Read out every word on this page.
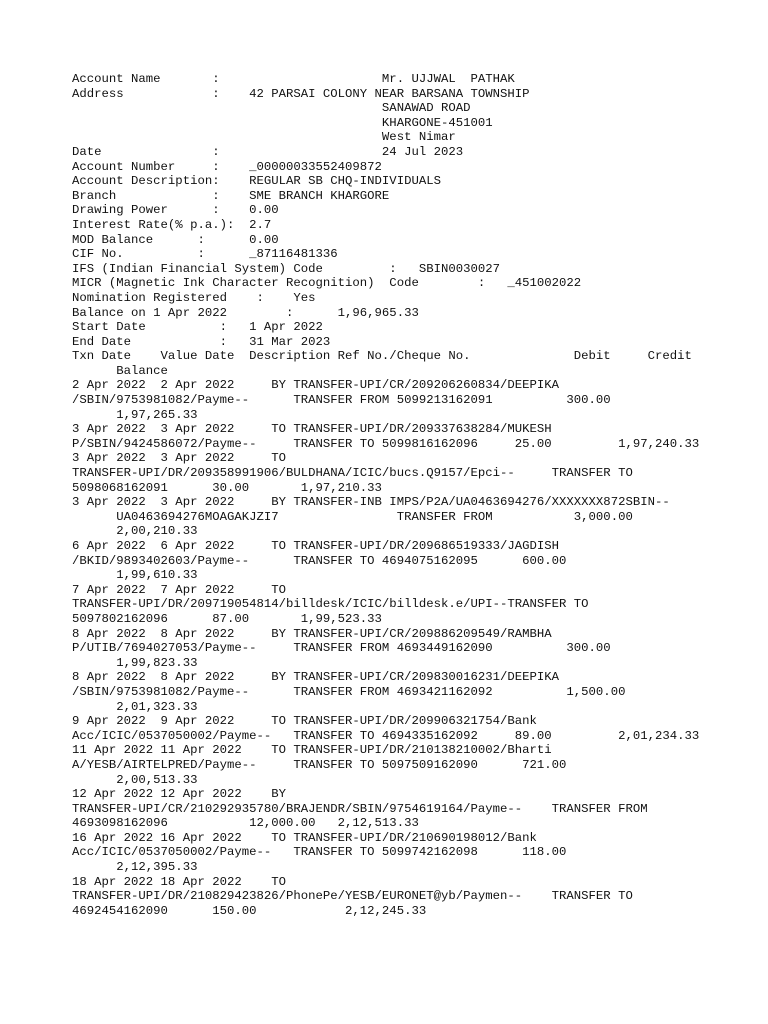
Account Name       :                      Mr. UJJWAL  PATHAK
Address            :    42 PARSAI COLONY NEAR BARSANA TOWNSHIP
SANAWAD ROAD
KHARGONE-451001
West Nimar
Date               :                      24 Jul 2023
Account Number     :    _00000033552409872
Account Description:    REGULAR SB CHQ-INDIVIDUALS
Branch             :    SME BRANCH KHARGORE
Drawing Power      :    0.00
Interest Rate(% p.a.):  2.7
MOD Balance      :      0.00
CIF No.          :      _87116481336
IFS (Indian Financial System) Code         :   SBIN0030027
MICR (Magnetic Ink Character Recognition)  Code        :   _451002022
Nomination Registered    :    Yes
Balance on 1 Apr 2022        :      1,96,965.33
Start Date          :   1 Apr 2022
End Date            :   31 Mar 2023
Txn Date    Value Date  Description Ref No./Cheque No.              Debit     Credit
Balance
2 Apr 2022  2 Apr 2022     BY TRANSFER-UPI/CR/209206260834/DEEPIKA
/SBIN/9753981082/Payme--      TRANSFER FROM 5099213162091          300.00
1,97,265.33
3 Apr 2022  3 Apr 2022     TO TRANSFER-UPI/DR/209337638284/MUKESH
P/SBIN/9424586072/Payme--     TRANSFER TO 5099816162096     25.00         1,97,240.33
3 Apr 2022  3 Apr 2022     TO
TRANSFER-UPI/DR/209358991906/BULDHANA/ICIC/bucs.Q9157/Epci--     TRANSFER TO
5098068162091      30.00       1,97,210.33
3 Apr 2022  3 Apr 2022     BY TRANSFER-INB IMPS/P2A/UA0463694276/XXXXXXX872SBIN--
UA0463694276MOAGAKJZI7                TRANSFER FROM           3,000.00
2,00,210.33
6 Apr 2022  6 Apr 2022     TO TRANSFER-UPI/DR/209686519333/JAGDISH
/BKID/9893402603/Payme--      TRANSFER TO 4694075162095      600.00
1,99,610.33
7 Apr 2022  7 Apr 2022     TO
TRANSFER-UPI/DR/209719054814/billdesk/ICIC/billdesk.e/UPI--TRANSFER TO
5097802162096      87.00       1,99,523.33
8 Apr 2022  8 Apr 2022     BY TRANSFER-UPI/CR/209886209549/RAMBHA
P/UTIB/7694027053/Payme--     TRANSFER FROM 4693449162090          300.00
1,99,823.33
8 Apr 2022  8 Apr 2022     BY TRANSFER-UPI/CR/209830016231/DEEPIKA
/SBIN/9753981082/Payme--      TRANSFER FROM 4693421162092          1,500.00
2,01,323.33
9 Apr 2022  9 Apr 2022     TO TRANSFER-UPI/DR/209906321754/Bank
Acc/ICIC/0537050002/Payme--   TRANSFER TO 4694335162092     89.00         2,01,234.33
11 Apr 2022 11 Apr 2022    TO TRANSFER-UPI/DR/210138210002/Bharti
A/YESB/AIRTELPRED/Payme--     TRANSFER TO 5097509162090      721.00
2,00,513.33
12 Apr 2022 12 Apr 2022    BY
TRANSFER-UPI/CR/210292935780/BRAJENDR/SBIN/9754619164/Payme--    TRANSFER FROM
4693098162096           12,000.00   2,12,513.33
16 Apr 2022 16 Apr 2022    TO TRANSFER-UPI/DR/210690198012/Bank
Acc/ICIC/0537050002/Payme--   TRANSFER TO 5099742162098      118.00
2,12,395.33
18 Apr 2022 18 Apr 2022    TO
TRANSFER-UPI/DR/210829423826/PhonePe/YESB/EURONET@yb/Paymen--    TRANSFER TO
4692454162090      150.00            2,12,245.33
